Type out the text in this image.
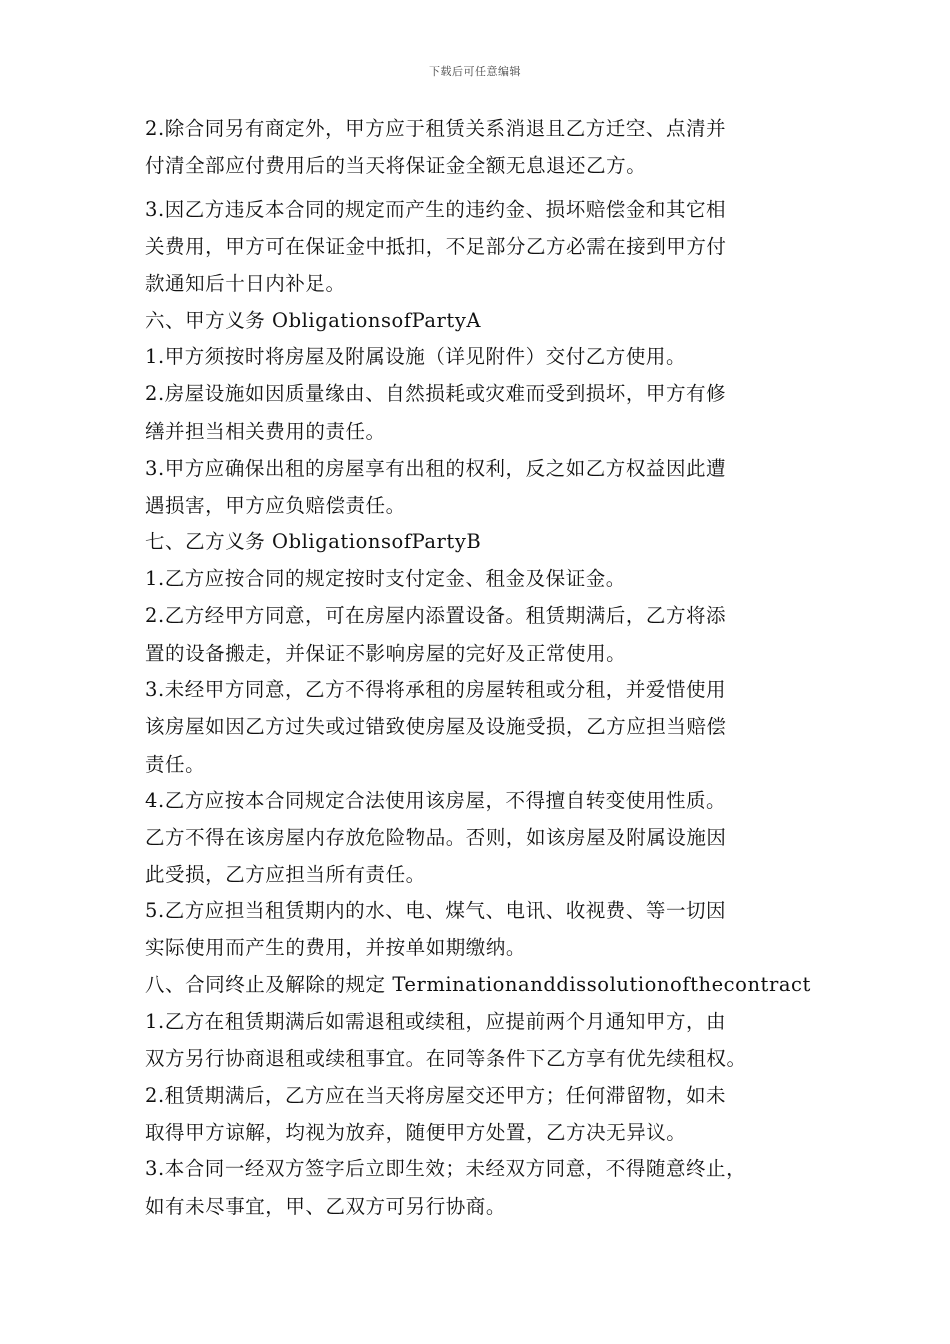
下载后可任意编辑
2.除合同另有商定外，甲方应于租赁关系消退且乙方迁空、点清并
付清全部应付费用后的当天将保证金全额无息退还乙方。
3.因乙方违反本合同的规定而产生的违约金、损坏赔偿金和其它相
关费用，甲方可在保证金中抵扣，不足部分乙方必需在接到甲方付
款通知后十日内补足。
六、甲方义务 ObligationsofPartyA
1.甲方须按时将房屋及附属设施（详见附件）交付乙方使用。
2.房屋设施如因质量缘由、自然损耗或灾难而受到损坏，甲方有修
缮并担当相关费用的责任。
3.甲方应确保出租的房屋享有出租的权利，反之如乙方权益因此遭
遇损害，甲方应负赔偿责任。
七、乙方义务 ObligationsofPartyB
1.乙方应按合同的规定按时支付定金、租金及保证金。
2.乙方经甲方同意，可在房屋内添置设备。租赁期满后，乙方将添
置的设备搬走，并保证不影响房屋的完好及正常使用。
3.未经甲方同意，乙方不得将承租的房屋转租或分租，并爱惜使用
该房屋如因乙方过失或过错致使房屋及设施受损，乙方应担当赔偿
责任。
4.乙方应按本合同规定合法使用该房屋，不得擅自转变使用性质。
乙方不得在该房屋内存放危险物品。否则，如该房屋及附属设施因
此受损，乙方应担当所有责任。
5.乙方应担当租赁期内的水、电、煤气、电讯、收视费、等一切因
实际使用而产生的费用，并按单如期缴纳。
八、合同终止及解除的规定 Terminationanddissolutionofthecontract
1.乙方在租赁期满后如需退租或续租，应提前两个月通知甲方，由
双方另行协商退租或续租事宜。在同等条件下乙方享有优先续租权。
2.租赁期满后，乙方应在当天将房屋交还甲方；任何滞留物，如未
取得甲方谅解，均视为放弃，随便甲方处置，乙方决无异议。
3.本合同一经双方签字后立即生效；未经双方同意，不得随意终止，
如有未尽事宜，甲、乙双方可另行协商。
